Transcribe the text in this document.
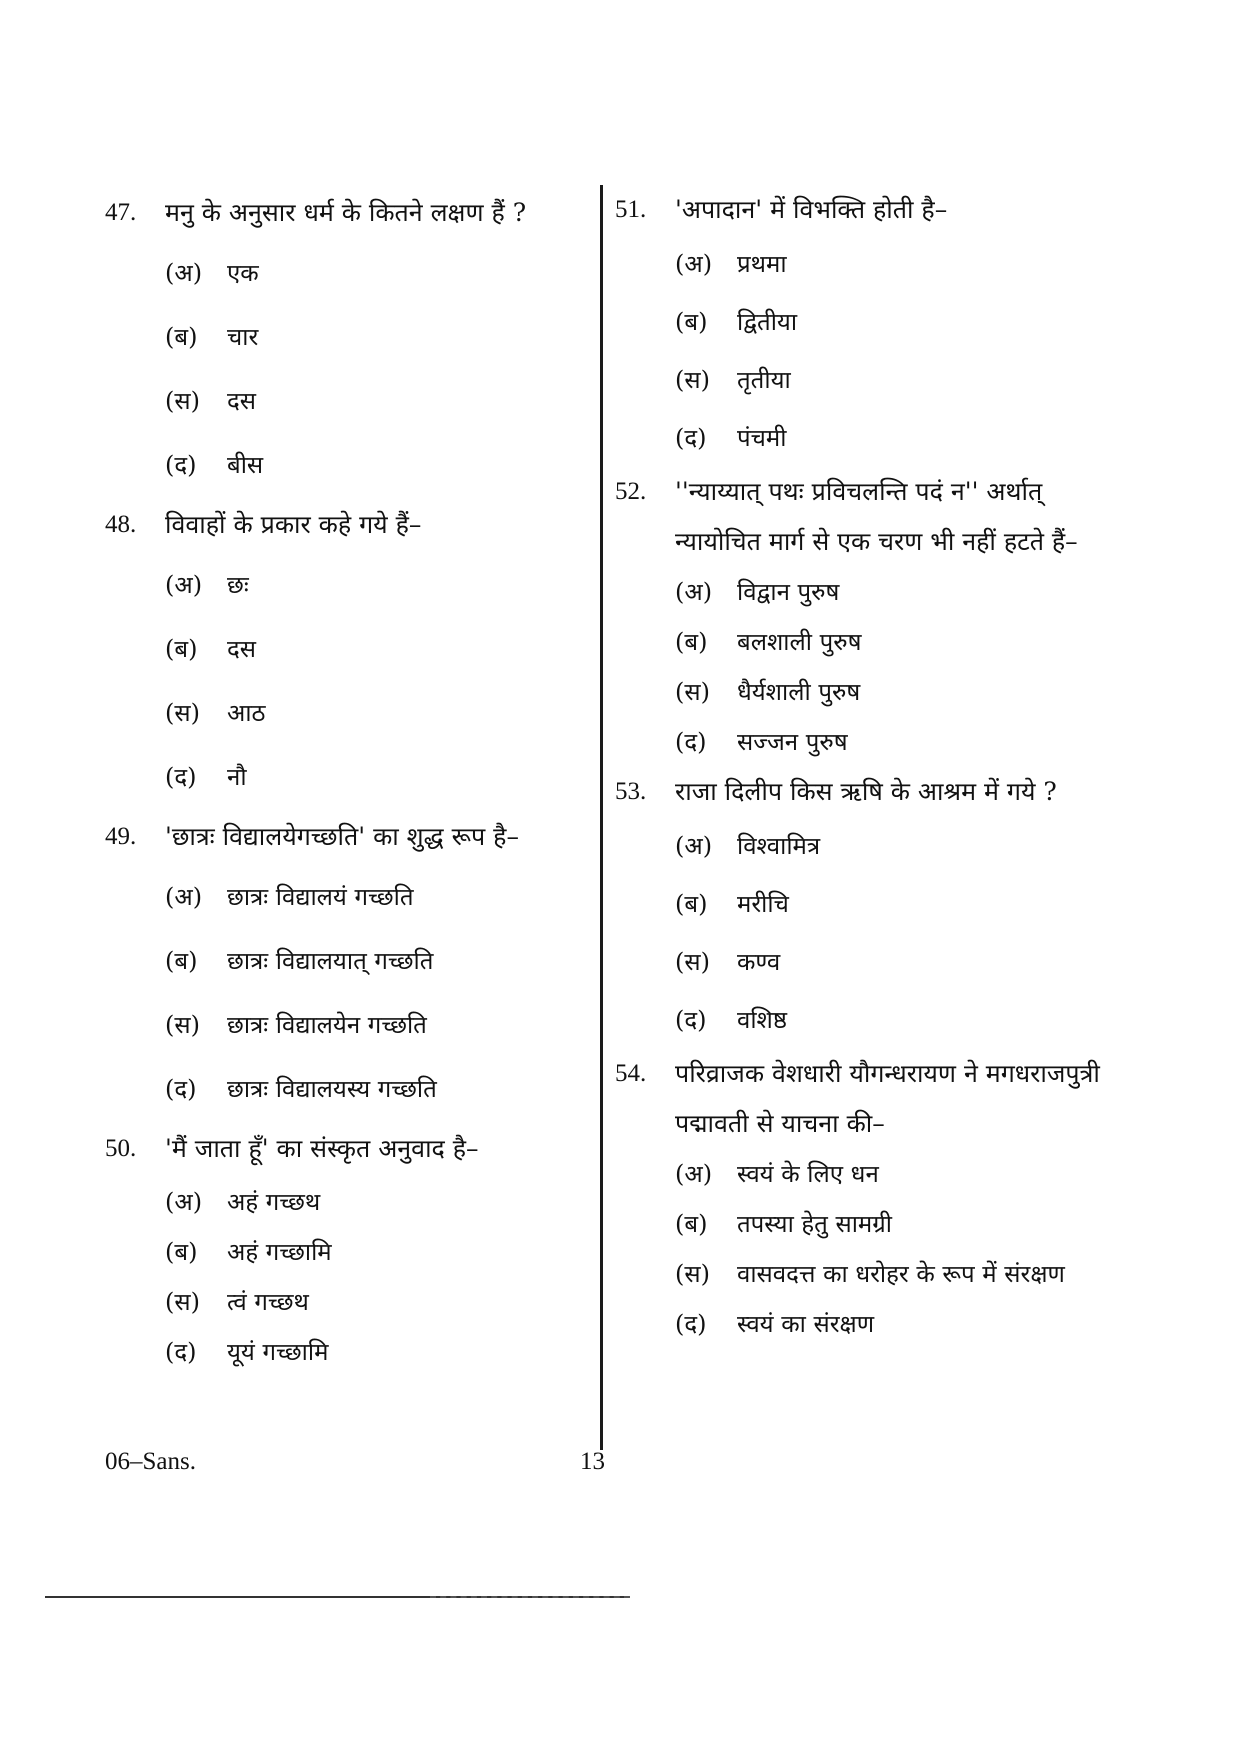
47.	मनु के अनुसार धर्म के कितने लक्षण हैं ?
(अ) एक
(ब) चार
(स) दस
(द) बीस
48.	विवाहों के प्रकार कहे गये हैं–
(अ) छः
(ब) दस
(स) आठ
(द) नौ
49.	'छात्रः विद्यालयेगच्छति' का शुद्ध रूप है–
(अ) छात्रः विद्यालयं गच्छति
(ब) छात्रः विद्यालयात् गच्छति
(स) छात्रः विद्यालयेन गच्छति
(द) छात्रः विद्यालयस्य गच्छति
50.	'मैं जाता हूँ' का संस्कृत अनुवाद है–
(अ) अहं गच्छथ
(ब) अहं गच्छामि
(स) त्वं गच्छथ
(द) यूयं गच्छामि
51.	'अपादान' में विभक्ति होती है–
(अ) प्रथमा
(ब) द्वितीया
(स) तृतीया
(द) पंचमी
52.	''न्याय्यात् पथः प्रविचलन्ति पदं न'' अर्थात् न्यायोचित मार्ग से एक चरण भी नहीं हटते हैं–
(अ) विद्वान पुरुष
(ब) बलशाली पुरुष
(स) धैर्यशाली पुरुष
(द) सज्जन पुरुष
53.	राजा दिलीप किस ऋषि के आश्रम में गये ?
(अ) विश्वामित्र
(ब) मरीचि
(स) कण्व
(द) वशिष्ठ
54.	परिव्राजक वेशधारी यौगन्धरायण ने मगधराजपुत्री पद्मावती से याचना की–
(अ) स्वयं के लिए धन
(ब) तपस्या हेतु सामग्री
(स) वासवदत्त का धरोहर के रूप में संरक्षण
(द) स्वयं का संरक्षण
06–Sans.	13
